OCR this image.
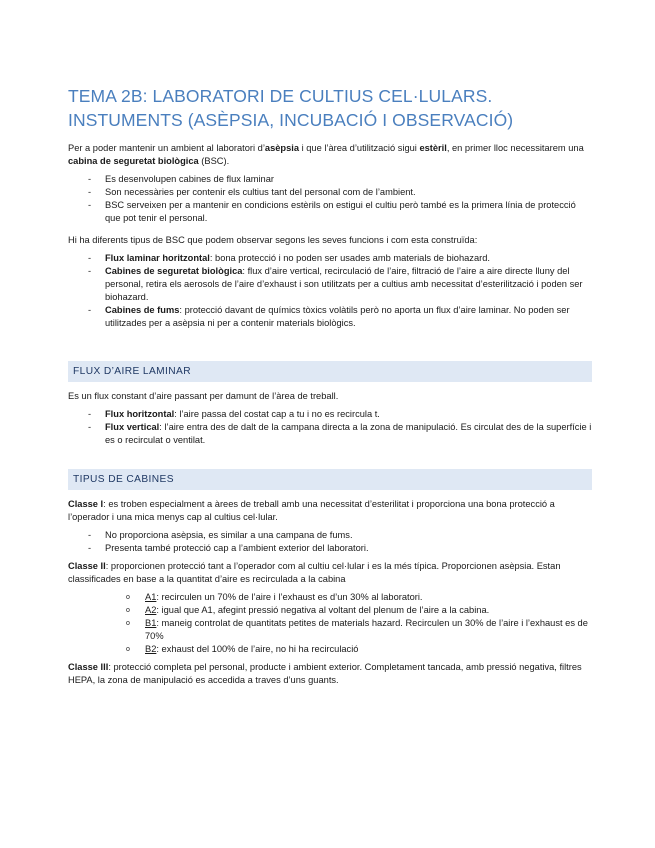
TEMA 2B: LABORATORI DE CULTIUS CEL·LULARS. INSTUMENTS (ASÈPSIA, INCUBACIÓ I OBSERVACIÓ)

Per a poder mantenir un ambient al laboratori d’asèpsia i que l’àrea d’utilització sigui estèril, en primer lloc necessitarem una cabina de seguretat biològica (BSC).

- Es desenvolupen cabines de flux laminar
- Son necessàries per contenir els cultius tant del personal com de l’ambient.
- BSC serveixen per a mantenir en condicions estèrils on estigui el cultiu però també es la primera línia de protecció que pot tenir el personal.

Hi ha diferents tipus de BSC que podem observar segons les seves funcions i com esta construïda:

- Flux laminar horitzontal: bona protecció i no poden ser usades amb materials de biohazard.
- Cabines de seguretat biològica: flux d’aire vertical, recirculació de l’aire, filtració de l’aire a aire directe lluny del personal, retira els aerosols de l’aire d’exhaust i son utilitzats per a cultius amb necessitat d’esterilització i poden ser biohazard.
- Cabines de fums: protecció davant de químics tòxics volàtils però no aporta un flux d’aire laminar. No poden ser utilitzades per a asèpsia ni per a contenir materials biològics.
FLUX D’AIRE LAMINAR

Es un flux constant d’aire passant per damunt de l’àrea de treball.

- Flux horitzontal: l’aire passa del costat cap a tu i no es recircula t.
- Flux vertical: l’aire entra des de dalt de la campana directa a la zona de manipulació. Es circulat des de la superfície i es o recirculat o ventilat.
TIPUS DE CABINES

Classe I: es troben especialment a àrees de treball amb una necessitat d’esterilitat i proporciona una bona protecció a l’operador i una mica menys cap al cultius cel·lular.

- No proporciona asèpsia, es similar a una campana de fums.
- Presenta també protecció cap a l’ambient exterior del laboratori.

Classe II: proporcionen protecció tant a l’operador com al cultiu cel·lular i es la més típica. Proporcionen asèpsia. Estan classificades en base a la quantitat d’aire es recirculada a la cabina

o A1: recirculen un 70% de l’aire i l’exhaust es d’un 30% al laboratori.
o A2: igual que A1, afegint pressió negativa al voltant del plenum de l’aire a la cabina.
o B1: maneig controlat de quantitats petites de materials hazard. Recirculen un 30% de l’aire i l’exhaust es de 70%
o B2: exhaust del 100% de l’aire, no hi ha recirculació

Classe III: protecció completa pel personal, producte i ambient exterior. Completament tancada, amb pressió negativa, filtres HEPA, la zona de manipulació es accedida a traves d’uns guants.
